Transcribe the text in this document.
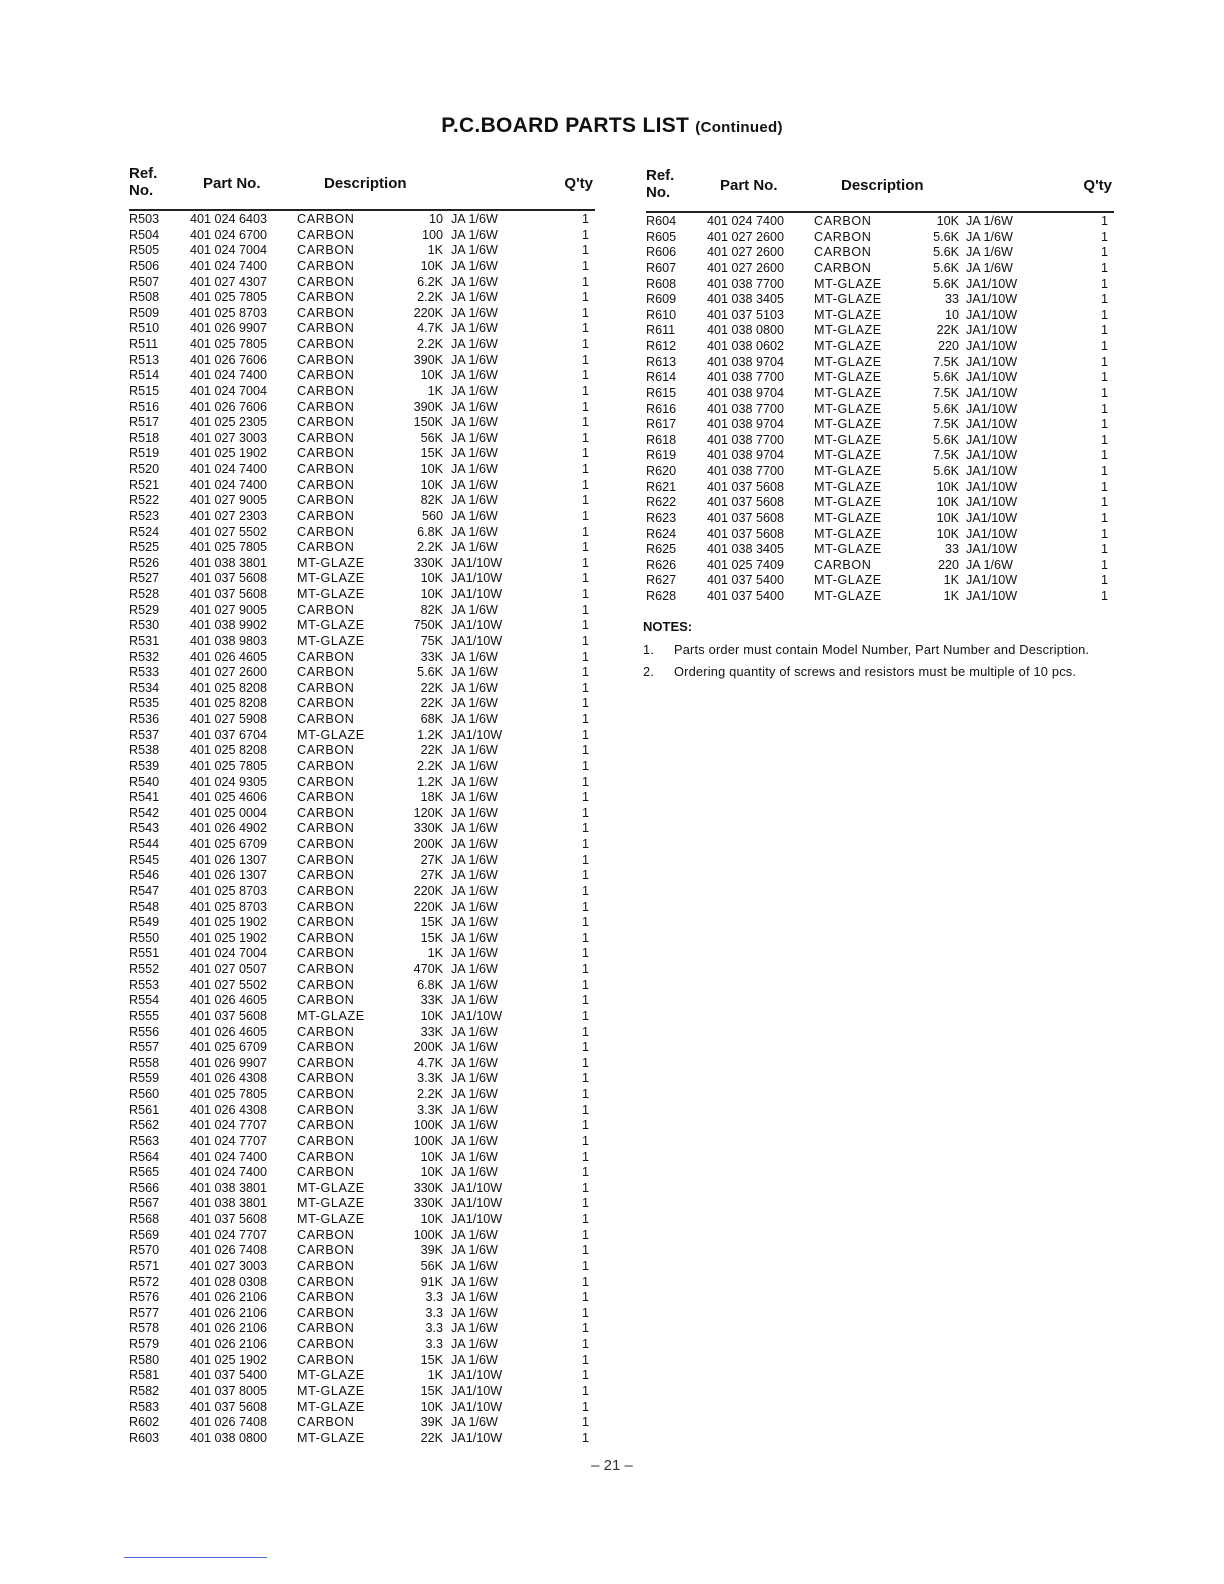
P.C.BOARD PARTS LIST (Continued)
Ref.
No.	Part No.	Description	Q'ty
R503 401 024 6403 CARBON	10 JA 1/6W	1
R504 401 024 6700 CARBON	100 JA 1/6W	1
R505 401 024 7004 CARBON	1K JA 1/6W	1
R506 401 024 7400 CARBON	10K JA 1/6W	1
R507 401 027 4307 CARBON	6.2K JA 1/6W	1
R508 401 025 7805 CARBON	2.2K JA 1/6W	1
R509 401 025 8703 CARBON	220K JA 1/6W	1
R510 401 026 9907 CARBON	4.7K JA 1/6W	1
R511	401 025 7805 CARBON	2.2K JA 1/6W	1
R513 401 026 7606 CARBON	390K JA 1/6W	1
R514 401 024 7400 CARBON	10K JA 1/6W	1
R515 401 024 7004 CARBON	1K JA 1/6W	1
R516 401 026 7606 CARBON	390K JA 1/6W	1
R517 401 025 2305 CARBON	150K JA 1/6W	1
R518 401 027 3003 CARBON	56K JA 1/6W	1
R519 401 025 1902 CARBON	15K JA 1/6W	1
R520 401 024 7400 CARBON	10K JA 1/6W	1
R521 401 024 7400 CARBON	10K JA 1/6W	1
R522 401 027 9005 CARBON	82K JA 1/6W	1
R523 401 027 2303 CARBON	560 JA 1/6W	1
R524 401 027 5502 CARBON	6.8K JA 1/6W	1
R525 401 025 7805 CARBON	2.2K JA 1/6W	1
R526 401 038 3801 MT-GLAZE	330K JA1/10W	1
R527 401 037 5608 MT-GLAZE	10K JA1/10W	1
R528 401 037 5608 MT-GLAZE	10K JA1/10W	1
R529 401 027 9005 CARBON	82K JA 1/6W	1
R530 401 038 9902 MT-GLAZE	750K JA1/10W	1
R531 401 038 9803 MT-GLAZE	75K JA1/10W	1
R532 401 026 4605 CARBON	33K JA 1/6W	1
R533 401 027 2600 CARBON	5.6K JA 1/6W	1
R534 401 025 8208 CARBON	22K JA 1/6W	1
R535 401 025 8208 CARBON	22K JA 1/6W	1
R536 401 027 5908 CARBON	68K JA 1/6W	1
R537 401 037 6704 MT-GLAZE	1.2K JA1/10W	1
R538 401 025 8208 CARBON	22K JA 1/6W	1
R539 401 025 7805 CARBON	2.2K JA 1/6W	1
R540 401 024 9305 CARBON	1.2K JA 1/6W	1
R541 401 025 4606 CARBON	18K JA 1/6W	1
R542 401 025 0004 CARBON	120K JA 1/6W	1
R543 401 026 4902 CARBON	330K JA 1/6W	1
R544 401 025 6709 CARBON	200K JA 1/6W	1
R545 401 026 1307 CARBON	27K JA 1/6W	1
R546 401 026 1307 CARBON	27K JA 1/6W	1
R547 401 025 8703 CARBON	220K JA 1/6W	1
R548 401 025 8703 CARBON	220K JA 1/6W	1
R549 401 025 1902 CARBON	15K JA 1/6W	1
R550 401 025 1902 CARBON	15K JA 1/6W	1
R551 401 024 7004 CARBON	1K JA 1/6W	1
R552 401 027 0507 CARBON	470K JA 1/6W	1
R553 401 027 5502 CARBON	6.8K JA 1/6W	1
R554 401 026 4605 CARBON	33K JA 1/6W	1
R555 401 037 5608 MT-GLAZE	10K JA1/10W	1
R556 401 026 4605 CARBON	33K JA 1/6W	1
R557 401 025 6709 CARBON	200K JA 1/6W	1
R558 401 026 9907 CARBON	4.7K JA 1/6W	1
R559 401 026 4308 CARBON	3.3K JA 1/6W	1
R560 401 025 7805 CARBON	2.2K JA 1/6W	1
R561 401 026 4308 CARBON	3.3K JA 1/6W	1
R562 401 024 7707 CARBON	100K JA 1/6W	1
R563 401 024 7707 CARBON	100K JA 1/6W	1
R564 401 024 7400 CARBON	10K JA 1/6W	1
R565 401 024 7400 CARBON	10K JA 1/6W	1
R566 401 038 3801 MT-GLAZE	330K JA1/10W	1
R567 401 038 3801 MT-GLAZE	330K JA1/10W	1
R568 401 037 5608 MT-GLAZE	10K JA1/10W	1
R569 401 024 7707 CARBON	100K JA 1/6W	1
R570 401 026 7408 CARBON	39K JA 1/6W	1
R571 401 027 3003 CARBON	56K JA 1/6W	1
R572 401 028 0308 CARBON	91K JA 1/6W	1
R576 401 026 2106 CARBON	3.3 JA 1/6W	1
R577 401 026 2106 CARBON	3.3 JA 1/6W	1
R578 401 026 2106 CARBON	3.3 JA 1/6W	1
R579 401 026 2106 CARBON	3.3 JA 1/6W	1
R580 401 025 1902 CARBON	15K JA 1/6W	1
R581 401 037 5400 MT-GLAZE	1K JA1/10W	1
R582 401 037 8005 MT-GLAZE	15K JA1/10W	1
R583 401 037 5608 MT-GLAZE	10K JA1/10W	1
R602 401 026 7408 CARBON	39K JA 1/6W	1
R603 401 038 0800 MT-GLAZE	22K JA1/10W	1
Ref.
No.	Part No.	Description	Q'ty
R604 401 024 7400 CARBON	10K JA 1/6W	1
R605 401 027 2600 CARBON	5.6K JA 1/6W	1
R606 401 027 2600 CARBON	5.6K JA 1/6W	1
R607 401 027 2600 CARBON	5.6K JA 1/6W	1
R608 401 038 7700 MT-GLAZE	5.6K JA1/10W	1
R609 401 038 3405 MT-GLAZE	33 JA1/10W	1
R610 401 037 5103 MT-GLAZE	10 JA1/10W	1
R611	401 038 0800 MT-GLAZE	22K JA1/10W	1
R612 401 038 0602 MT-GLAZE	220 JA1/10W	1
R613 401 038 9704 MT-GLAZE	7.5K JA1/10W	1
R614 401 038 7700 MT-GLAZE	5.6K JA1/10W	1
R615 401 038 9704 MT-GLAZE	7.5K JA1/10W	1
R616 401 038 7700 MT-GLAZE	5.6K JA1/10W	1
R617 401 038 9704 MT-GLAZE	7.5K JA1/10W	1
R618 401 038 7700 MT-GLAZE	5.6K JA1/10W	1
R619 401 038 9704 MT-GLAZE	7.5K JA1/10W	1
R620 401 038 7700 MT-GLAZE	5.6K JA1/10W	1
R621 401 037 5608 MT-GLAZE	10K JA1/10W	1
R622 401 037 5608 MT-GLAZE	10K JA1/10W	1
R623 401 037 5608 MT-GLAZE	10K JA1/10W	1
R624 401 037 5608 MT-GLAZE	10K JA1/10W	1
R625 401 038 3405 MT-GLAZE	33 JA1/10W	1
R626 401 025 7409 CARBON	220 JA 1/6W	1
R627 401 037 5400 MT-GLAZE	1K JA1/10W	1
R628 401 037 5400 MT-GLAZE	1K JA1/10W	1
NOTES:
1. Parts order must contain Model Number, Part Number and Description.
2. Ordering quantity of screws and resistors must be multiple of 10 pcs.
– 21 –
